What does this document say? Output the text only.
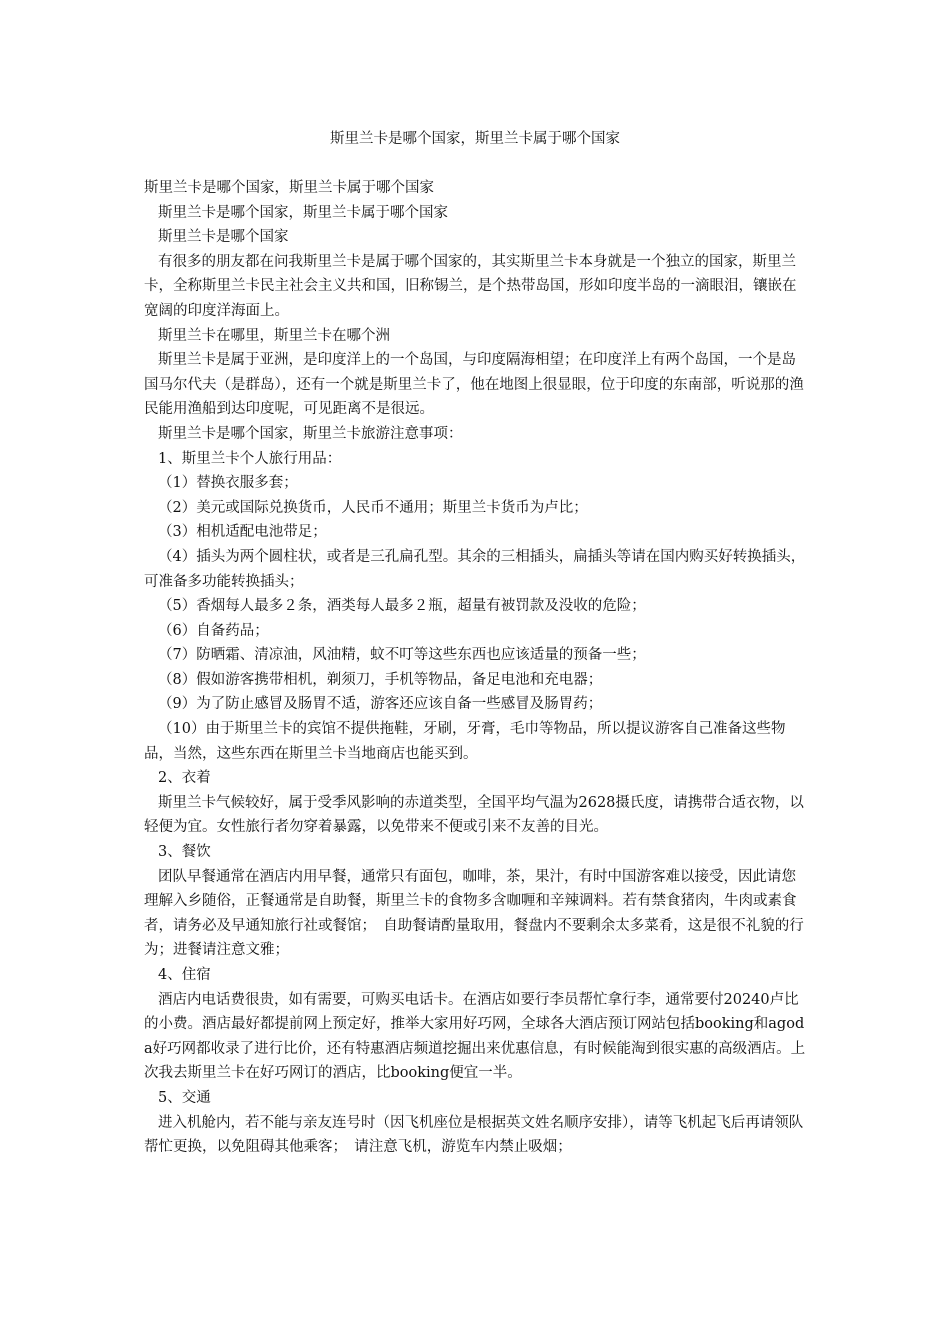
斯里兰卡是哪个国家，斯里兰卡属于哪个国家

斯里兰卡是哪个国家，斯里兰卡属于哪个国家

斯里兰卡是哪个国家，斯里兰卡属于哪个国家

斯里兰卡是哪个国家

有很多的朋友都在问我斯里兰卡是属于哪个国家的，其实斯里兰卡本身就是一个独立的国家，斯里兰卡，全称斯里兰卡民主社会主义共和国，旧称锡兰，是个热带岛国，形如印度半岛的一滴眼泪，镶嵌在宽阔的印度洋海面上。

斯里兰卡在哪里，斯里兰卡在哪个洲

斯里兰卡是属于亚洲，是印度洋上的一个岛国，与印度隔海相望；在印度洋上有两个岛国，一个是岛国马尔代夫（是群岛），还有一个就是斯里兰卡了，他在地图上很显眼，位于印度的东南部，听说那的渔民能用渔船到达印度呢，可见距离不是很远。

斯里兰卡是哪个国家，斯里兰卡旅游注意事项：

1、斯里兰卡个人旅行用品：

（1）替换衣服多套；

（2）美元或国际兑换货币，人民币不通用；斯里兰卡货币为卢比；

（3）相机适配电池带足；

（4）插头为两个圆柱状，或者是三孔扁孔型。其余的三相插头，扁插头等请在国内购买好转换插头，可准备多功能转换插头；

（5）香烟每人最多２条，酒类每人最多２瓶，超量有被罚款及没收的危险；

（6）自备药品；

（7）防晒霜、清凉油，风油精，蚊不叮等这些东西也应该适量的预备一些；

（8）假如游客携带相机，剃须刀，手机等物品，备足电池和充电器；

（9）为了防止感冒及肠胃不适，游客还应该自备一些感冒及肠胃药；

（10）由于斯里兰卡的宾馆不提供拖鞋，牙刷，牙膏，毛巾等物品，所以提议游客自己准备这些物品，当然，这些东西在斯里兰卡当地商店也能买到。

2、衣着

斯里兰卡气候较好，属于受季风影响的赤道类型，全国平均气温为2628摄氏度，请携带合适衣物，以轻便为宜。女性旅行者勿穿着暴露，以免带来不便或引来不友善的目光。

3、餐饮

团队早餐通常在酒店内用早餐，通常只有面包，咖啡，茶，果汁，有时中国游客难以接受，因此请您理解入乡随俗，正餐通常是自助餐，斯里兰卡的食物多含咖喱和辛辣调料。若有禁食猪肉，牛肉或素食者，请务必及早通知旅行社或餐馆；　自助餐请酌量取用，餐盘内不要剩余太多菜肴，这是很不礼貌的行为；进餐请注意文雅；

4、住宿

酒店内电话费很贵，如有需要，可购买电话卡。在酒店如要行李员帮忙拿行李，通常要付20240卢比的小费。酒店最好都提前网上预定好，推举大家用好巧网，全球各大酒店预订网站包括booking和agoda好巧网都收录了进行比价，还有特惠酒店频道挖掘出来优惠信息，有时候能淘到很实惠的高级酒店。上次我去斯里兰卡在好巧网订的酒店，比booking便宜一半。

5、交通

进入机舱内，若不能与亲友连号时（因飞机座位是根据英文姓名顺序安排），请等飞机起飞后再请领队帮忙更换，以免阻碍其他乘客；　请注意飞机，游览车内禁止吸烟；
